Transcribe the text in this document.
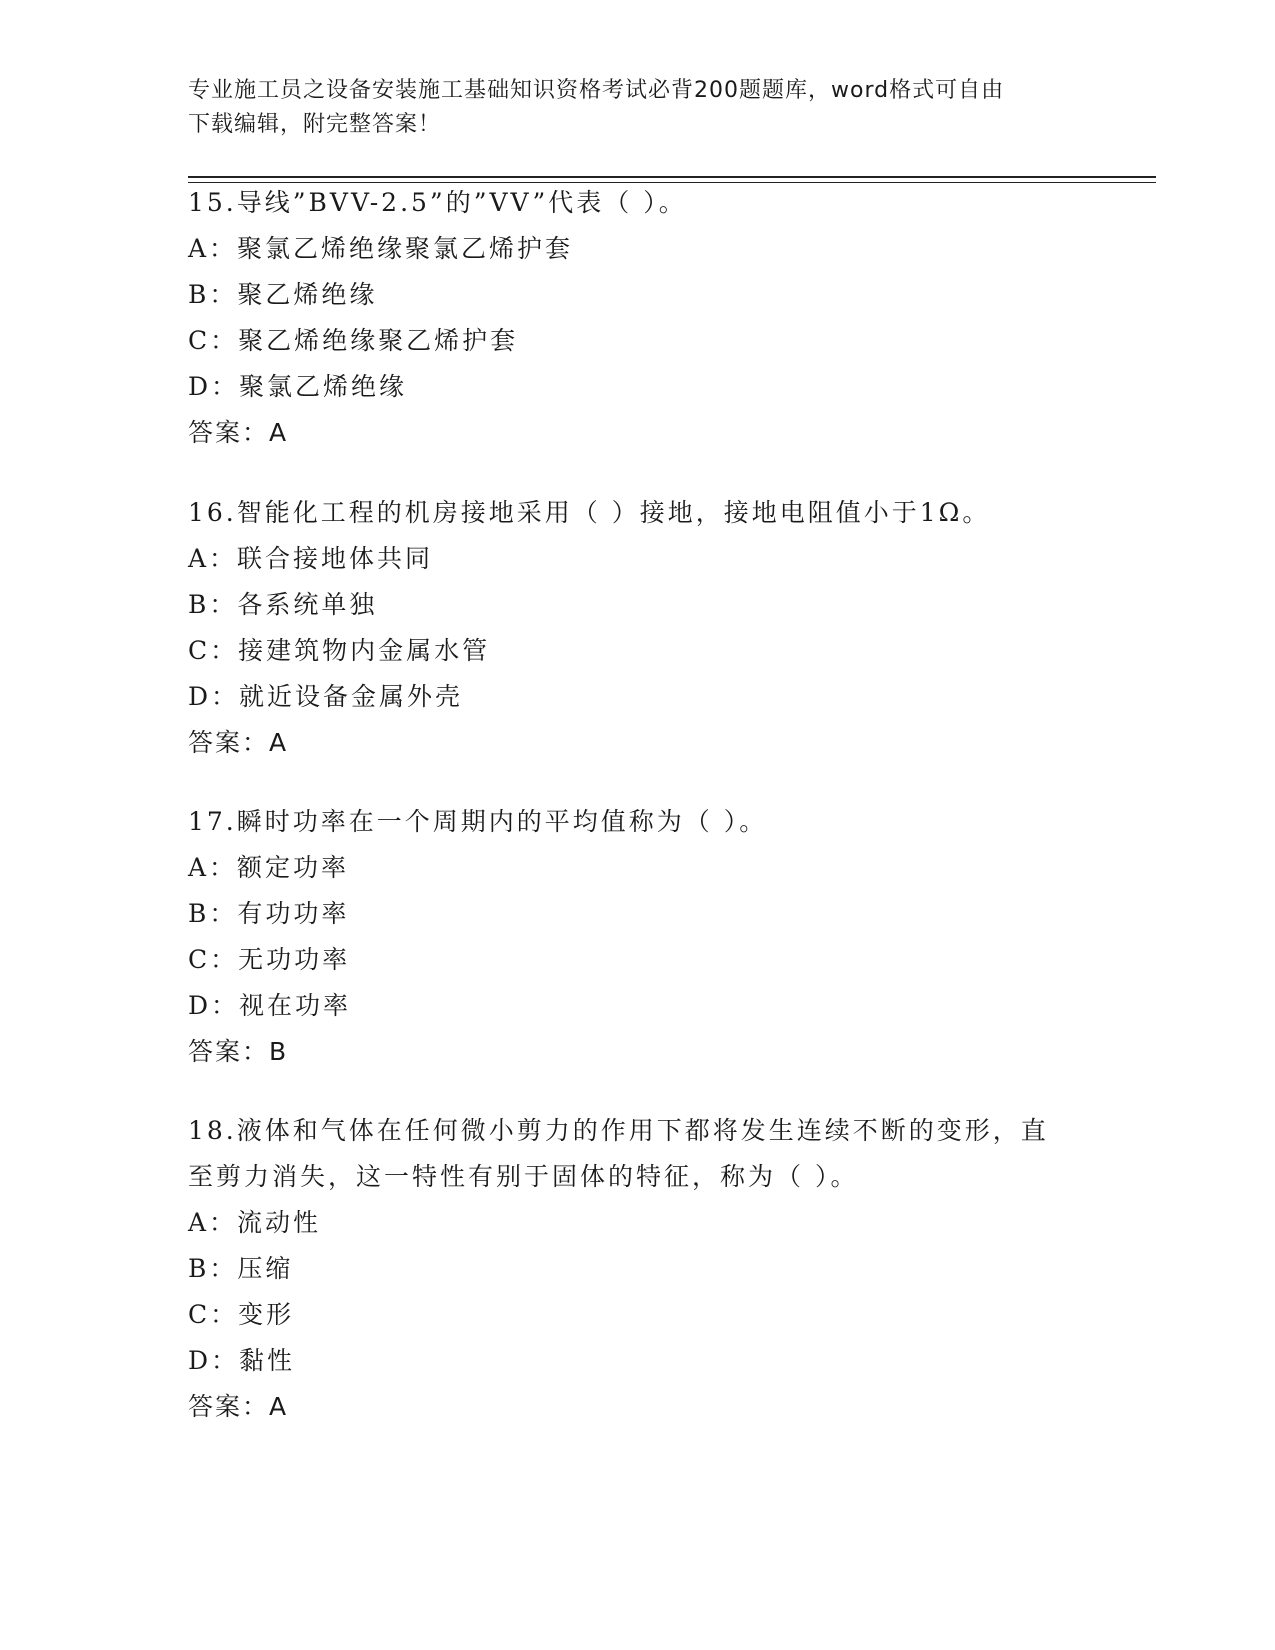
专业施工员之设备安装施工基础知识资格考试必背200题题库，word格式可自由
下载编辑，附完整答案！
15.导线”BVV-2.5”的”VV”代表（ ）。
A：聚氯乙烯绝缘聚氯乙烯护套
B：聚乙烯绝缘
C：聚乙烯绝缘聚乙烯护套
D：聚氯乙烯绝缘
答案：A
16.智能化工程的机房接地采用（ ）接地，接地电阻值小于1Ω。
A：联合接地体共同
B：各系统单独
C：接建筑物内金属水管
D：就近设备金属外壳
答案：A
17.瞬时功率在一个周期内的平均值称为（ ）。
A：额定功率
B：有功功率
C：无功功率
D：视在功率
答案：B
18.液体和气体在任何微小剪力的作用下都将发生连续不断的变形，直
至剪力消失，这一特性有别于固体的特征，称为（ ）。
A：流动性
B：压缩
C：变形
D：黏性
答案：A
